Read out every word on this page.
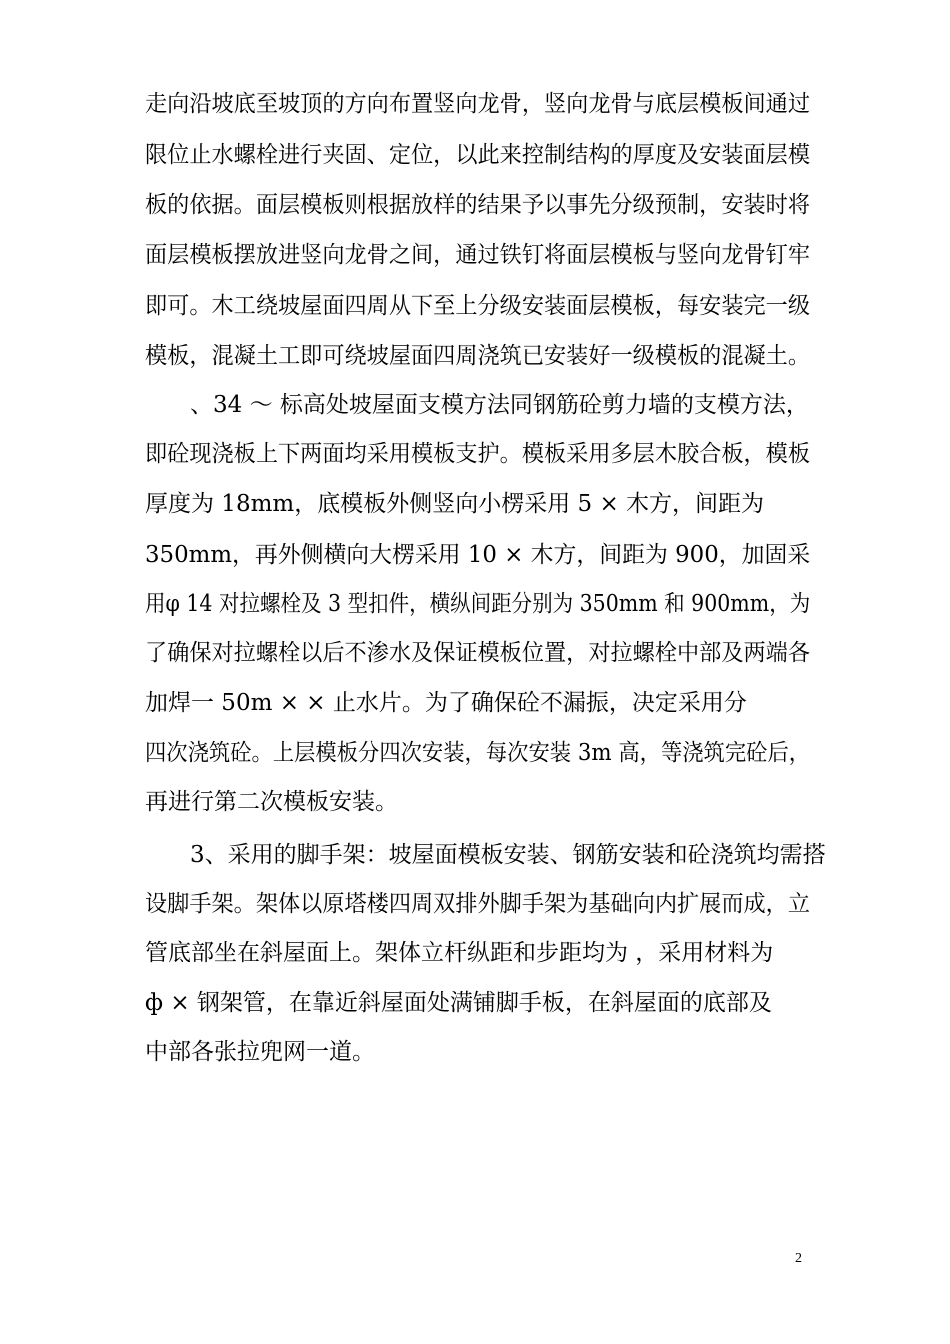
走向沿坡底至坡顶的方向布置竖向龙骨，竖向龙骨与底层模板间通过
限位止水螺栓进行夹固、定位，以此来控制结构的厚度及安装面层模
板的依据。面层模板则根据放样的结果予以事先分级预制，安装时将
面层模板摆放进竖向龙骨之间，通过铁钉将面层模板与竖向龙骨钉牢
即可。木工绕坡屋面四周从下至上分级安装面层模板，每安装完一级
模板，混凝土工即可绕坡屋面四周浇筑已安装好一级模板的混凝土。
、34 ～ 标高处坡屋面支模方法同钢筋砼剪力墙的支模方法，
即砼现浇板上下两面均采用模板支护。模板采用多层木胶合板，模板
厚度为 18mm，底模板外侧竖向小楞采用 5 × 木方，间距为
350mm，再外侧横向大楞采用 10 × 木方，间距为 900，加固采
用φ 14 对拉螺栓及 3 型扣件，横纵间距分别为 350mm 和 900mm，为
了确保对拉螺栓以后不渗水及保证模板位置，对拉螺栓中部及两端各
加焊一 50m × × 止水片。为了确保砼不漏振，决定采用分
四次浇筑砼。上层模板分四次安装，每次安装 3m 高，等浇筑完砼后，
再进行第二次模板安装。
3、采用的脚手架：坡屋面模板安装、钢筋安装和砼浇筑均需搭
设脚手架。架体以原塔楼四周双排外脚手架为基础向内扩展而成，立
管底部坐在斜屋面上。架体立杆纵距和步距均为 ，采用材料为
ф × 钢架管，在靠近斜屋面处满铺脚手板，在斜屋面的底部及
中部各张拉兜网一道。
2
